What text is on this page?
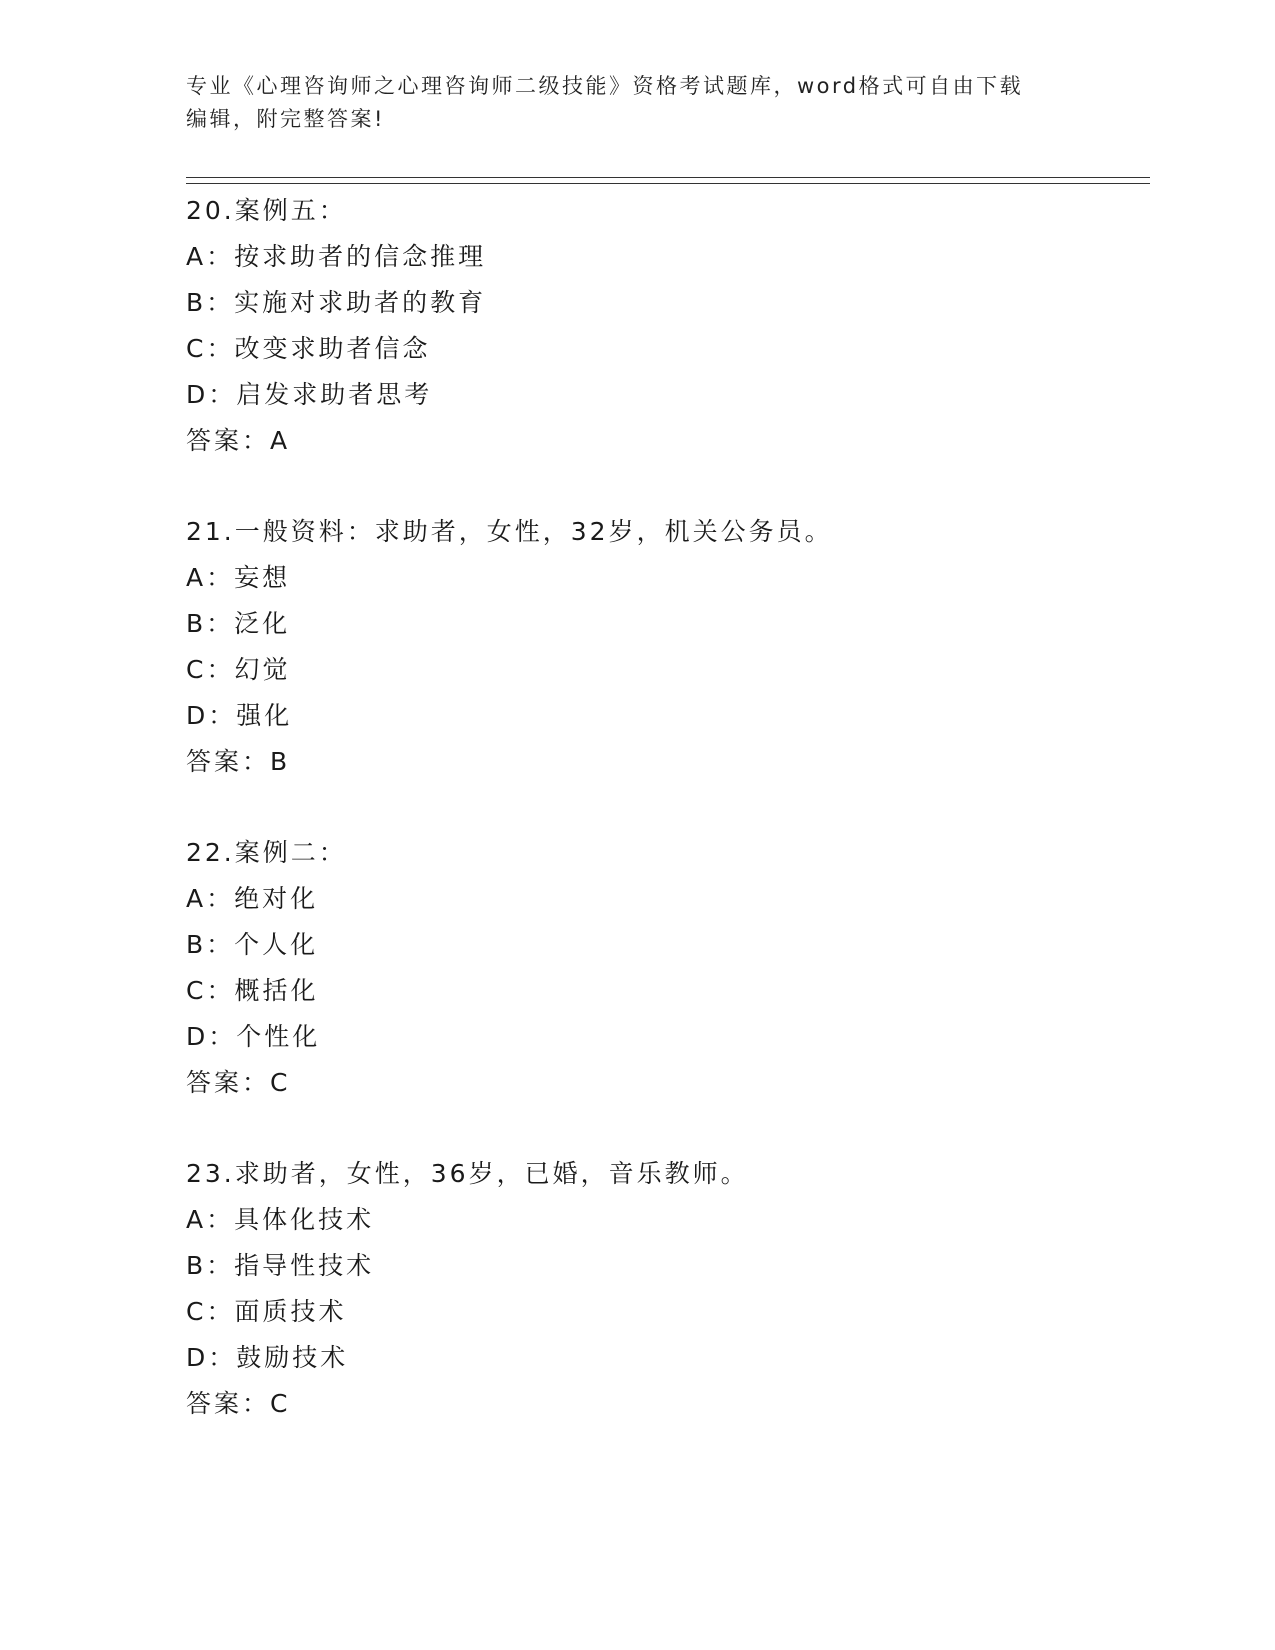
专业《心理咨询师之心理咨询师二级技能》资格考试题库，word格式可自由下载
编辑，附完整答案!
20.案例五：
A：按求助者的信念推理
B：实施对求助者的教育
C：改变求助者信念
D：启发求助者思考
答案：A
21.一般资料：求助者，女性，32岁，机关公务员。
A：妄想
B：泛化
C：幻觉
D：强化
答案：B
22.案例二：
A：绝对化
B：个人化
C：概括化
D：个性化
答案：C
23.求助者，女性，36岁，已婚，音乐教师。
A：具体化技术
B：指导性技术
C：面质技术
D：鼓励技术
答案：C
